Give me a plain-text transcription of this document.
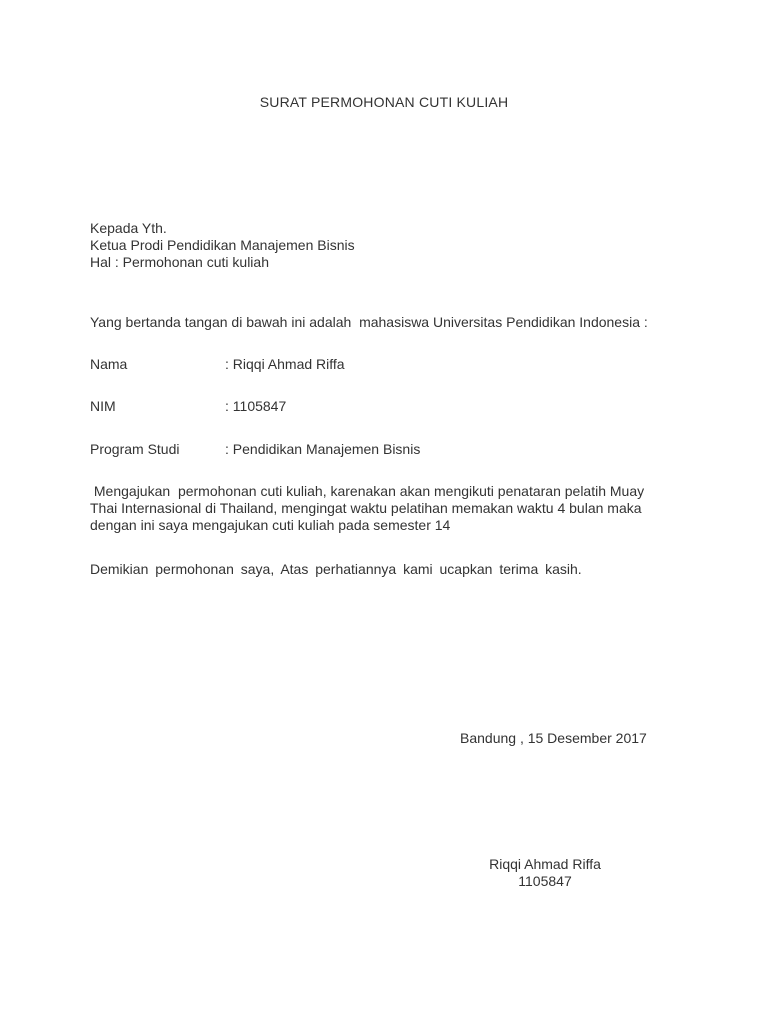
SURAT PERMOHONAN CUTI KULIAH
Kepada Yth.
Ketua Prodi Pendidikan Manajemen Bisnis
Hal : Permohonan cuti kuliah
Yang bertanda tangan di bawah ini adalah  mahasiswa Universitas Pendidikan Indonesia :
Nama	: Riqqi Ahmad Riffa
NIM	: 1105847
Program Studi	: Pendidikan Manajemen Bisnis
Mengajukan  permohonan cuti kuliah, karenakan akan mengikuti penataran pelatih Muay
Thai Internasional di Thailand, mengingat waktu pelatihan memakan waktu 4 bulan maka
dengan ini saya mengajukan cuti kuliah pada semester 14
Demikian permohonan saya, Atas perhatiannya kami ucapkan terima kasih.
Bandung , 15 Desember 2017
Riqqi Ahmad Riffa
1105847
